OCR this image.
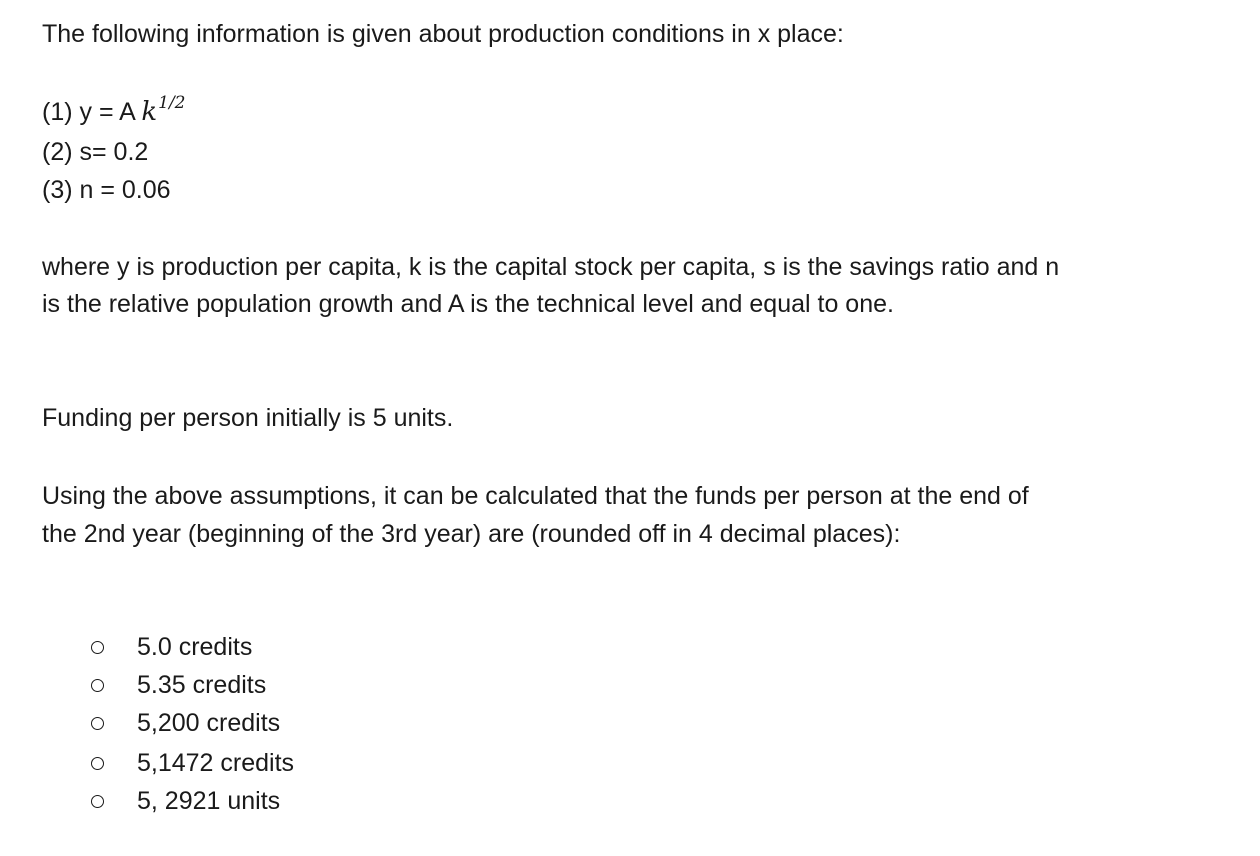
The following information is given about production conditions in x place:
(1) y = A $k^{1/2}$
(2) s= 0.2
(3) n = 0.06
where y is production per capita, k is the capital stock per capita, s is the savings ratio and n
is the relative population growth and A is the technical level and equal to one.
Funding per person initially is 5 units.
Using the above assumptions, it can be calculated that the funds per person at the end of
the 2nd year (beginning of the 3rd year) are (rounded off in 4 decimal places):
5.0 credits
5.35 credits
5,200 credits
5,1472 credits
5, 2921 units
